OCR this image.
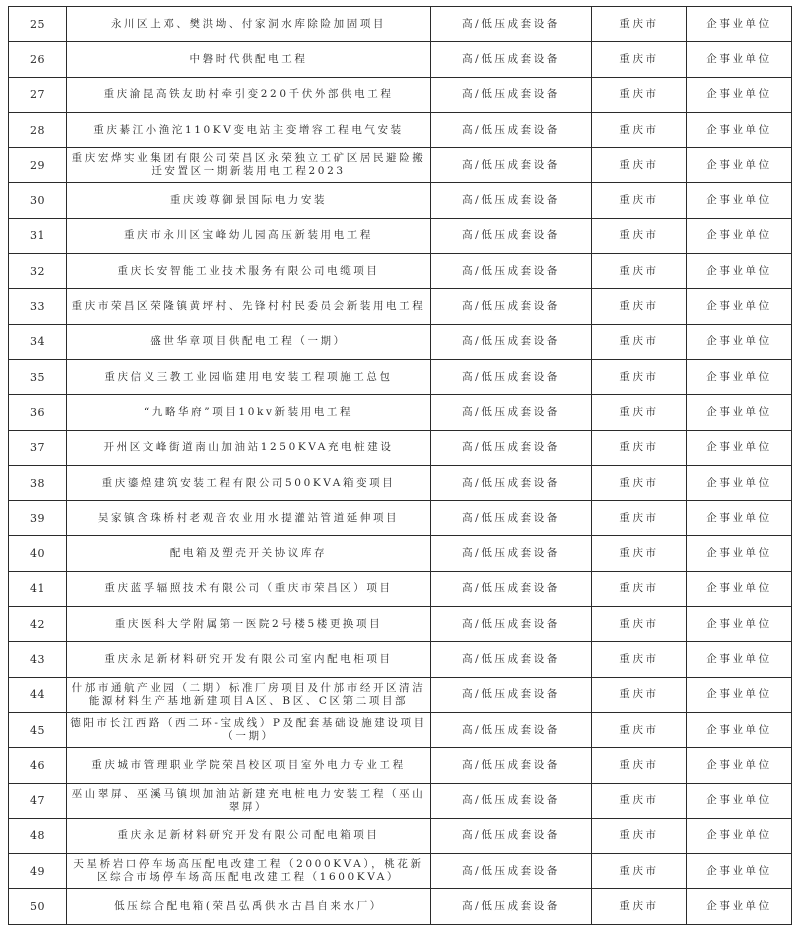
25	永川区上邓、樊洪坳、付家洞水库除险加固项目	高/低压成套设备	重庆市	企事业单位
26	中磐时代供配电工程	高/低压成套设备	重庆市	企事业单位
27	重庆渝昆高铁友助村牵引变220千伏外部供电工程	高/低压成套设备	重庆市	企事业单位
28	重庆綦江小渔沱110KV变电站主变增容工程电气安装	高/低压成套设备	重庆市	企事业单位
29	重庆宏烨实业集团有限公司荣昌区永荣独立工矿区居民避险搬迁安置区一期新装用电工程2023	高/低压成套设备	重庆市	企事业单位
30	重庆竣尊御景国际电力安装	高/低压成套设备	重庆市	企事业单位
31	重庆市永川区宝峰幼儿园高压新装用电工程	高/低压成套设备	重庆市	企事业单位
32	重庆长安智能工业技术服务有限公司电缆项目	高/低压成套设备	重庆市	企事业单位
33	重庆市荣昌区荣隆镇黄坪村、先锋村村民委员会新装用电工程	高/低压成套设备	重庆市	企事业单位
34	盛世华章项目供配电工程（一期）	高/低压成套设备	重庆市	企事业单位
35	重庆信义三教工业园临建用电安装工程项施工总包	高/低压成套设备	重庆市	企事业单位
36	“九略华府”项目10kv新装用电工程	高/低压成套设备	重庆市	企事业单位
37	开州区文峰街道南山加油站1250KVA充电桩建设	高/低压成套设备	重庆市	企事业单位
38	重庆鎏煌建筑安装工程有限公司500KVA箱变项目	高/低压成套设备	重庆市	企事业单位
39	吴家镇含珠桥村老观音农业用水提灌站管道延伸项目	高/低压成套设备	重庆市	企事业单位
40	配电箱及塑壳开关协议库存	高/低压成套设备	重庆市	企事业单位
41	重庆蓝孚辐照技术有限公司（重庆市荣昌区）项目	高/低压成套设备	重庆市	企事业单位
42	重庆医科大学附属第一医院2号楼5楼更换项目	高/低压成套设备	重庆市	企事业单位
43	重庆永足新材料研究开发有限公司室内配电柜项目	高/低压成套设备	重庆市	企事业单位
44	什邡市通航产业园（二期）标准厂房项目及什邡市经开区清洁能源材料生产基地新建项目A区、B区、C区第二项目部	高/低压成套设备	重庆市	企事业单位
45	德阳市长江西路（西二环-宝成线）P及配套基础设施建设项目（一期）	高/低压成套设备	重庆市	企事业单位
46	重庆城市管理职业学院荣昌校区项目室外电力专业工程	高/低压成套设备	重庆市	企事业单位
47	巫山翠屏、巫溪马镇坝加油站新建充电桩电力安装工程（巫山翠屏）	高/低压成套设备	重庆市	企事业单位
48	重庆永足新材料研究开发有限公司配电箱项目	高/低压成套设备	重庆市	企事业单位
49	天星桥岩口停车场高压配电改建工程（2000KVA），桃花新区综合市场停车场高压配电改建工程（1600KVA）	高/低压成套设备	重庆市	企事业单位
50	低压综合配电箱(荣昌弘禹供水古昌自来水厂）	高/低压成套设备	重庆市	企事业单位
